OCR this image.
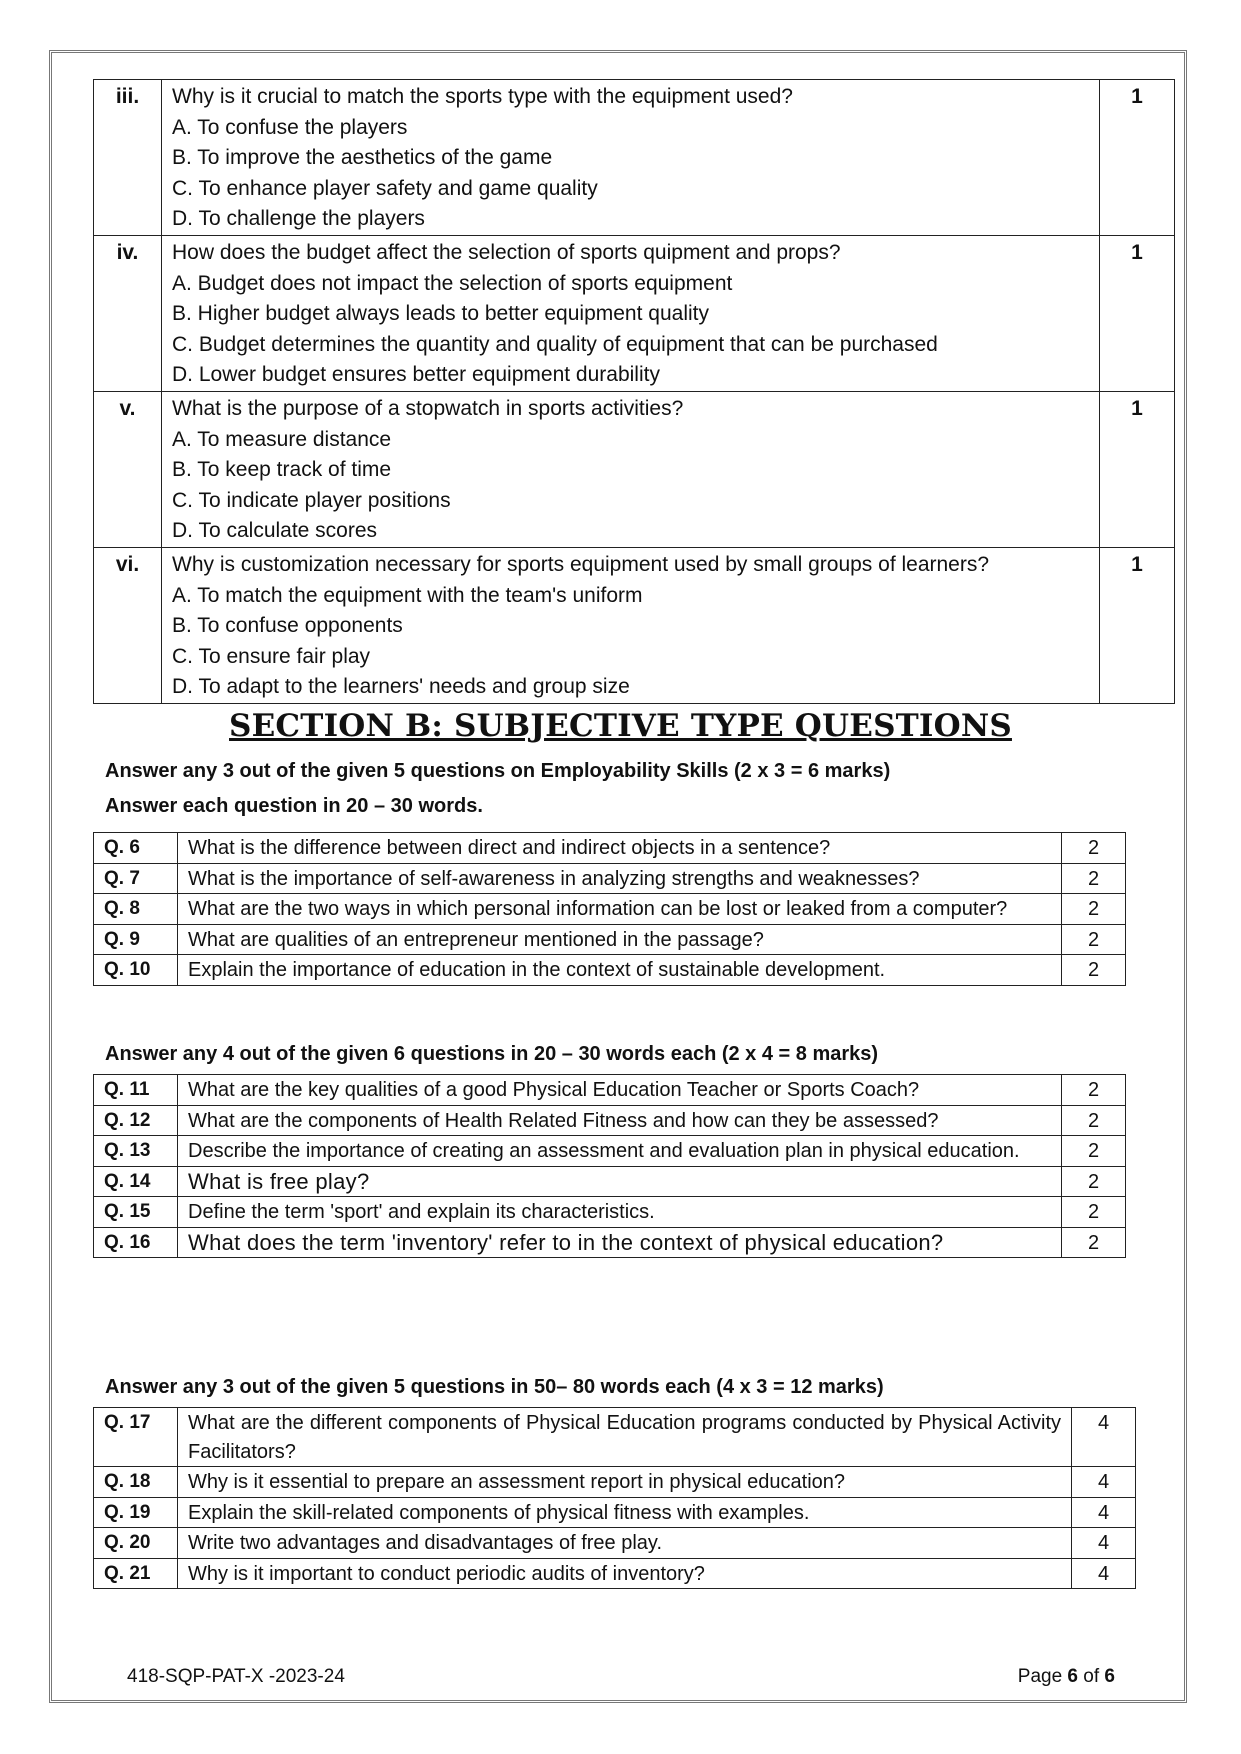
iii.	Why is it crucial to match the sports type with the equipment used?

A. To confuse the players

B. To improve the aesthetics of the game

C. To enhance player safety and game quality

D. To challenge the players	1
iv.	How does the budget affect the selection of sports quipment and props?

A. Budget does not impact the selection of sports equipment

B. Higher budget always leads to better equipment quality

C. Budget determines the quantity and quality of equipment that can be purchased

D. Lower budget ensures better equipment durability	1
v.	What is the purpose of a stopwatch in sports activities?

A. To measure distance

B. To keep track of time

C. To indicate player positions

D. To calculate scores	1
vi.	Why is customization necessary for sports equipment used by small groups of learners?

A. To match the equipment with the team's uniform

B. To confuse opponents

C. To ensure fair play

D. To adapt to the learners' needs and group size	1
SECTION B: SUBJECTIVE TYPE QUESTIONS
Answer any 3 out of the given 5 questions on Employability Skills (2 x 3 = 6 marks)
Answer each question in 20 – 30 words.
Q. 6	What is the difference between direct and indirect objects in a sentence?	2
Q. 7	What is the importance of self-awareness in analyzing strengths and weaknesses?	2
Q. 8	What are the two ways in which personal information can be lost or leaked from a computer?	2
Q. 9	What are qualities of an entrepreneur mentioned in the passage?	2
Q. 10	Explain the importance of education in the context of sustainable development.	2
Answer any 4 out of the given 6 questions in 20 – 30 words each (2 x 4 = 8 marks)
Q. 11	What are the key qualities of a good Physical Education Teacher or Sports Coach?	2
Q. 12	What are the components of Health Related Fitness and how can they be assessed?	2
Q. 13	Describe the importance of creating an assessment and evaluation plan in physical education.	2
Q. 14	What is free play?	2
Q. 15	Define the term 'sport' and explain its characteristics.	2
Q. 16	What does the term 'inventory' refer to in the context of physical education?	2
Answer any 3 out of the given 5 questions in 50– 80 words each (4 x 3 = 12 marks)
Q. 17	What are the different components of Physical Education programs conducted by Physical Activity Facilitators?	4
Q. 18	Why is it essential to prepare an assessment report in physical education?	4
Q. 19	Explain the skill-related components of physical fitness with examples.	4
Q. 20	Write two advantages and disadvantages of free play.	4
Q. 21	Why is it important to conduct periodic audits of inventory?	4
418-SQP-PAT-X -2023-24	Page 6 of 6
